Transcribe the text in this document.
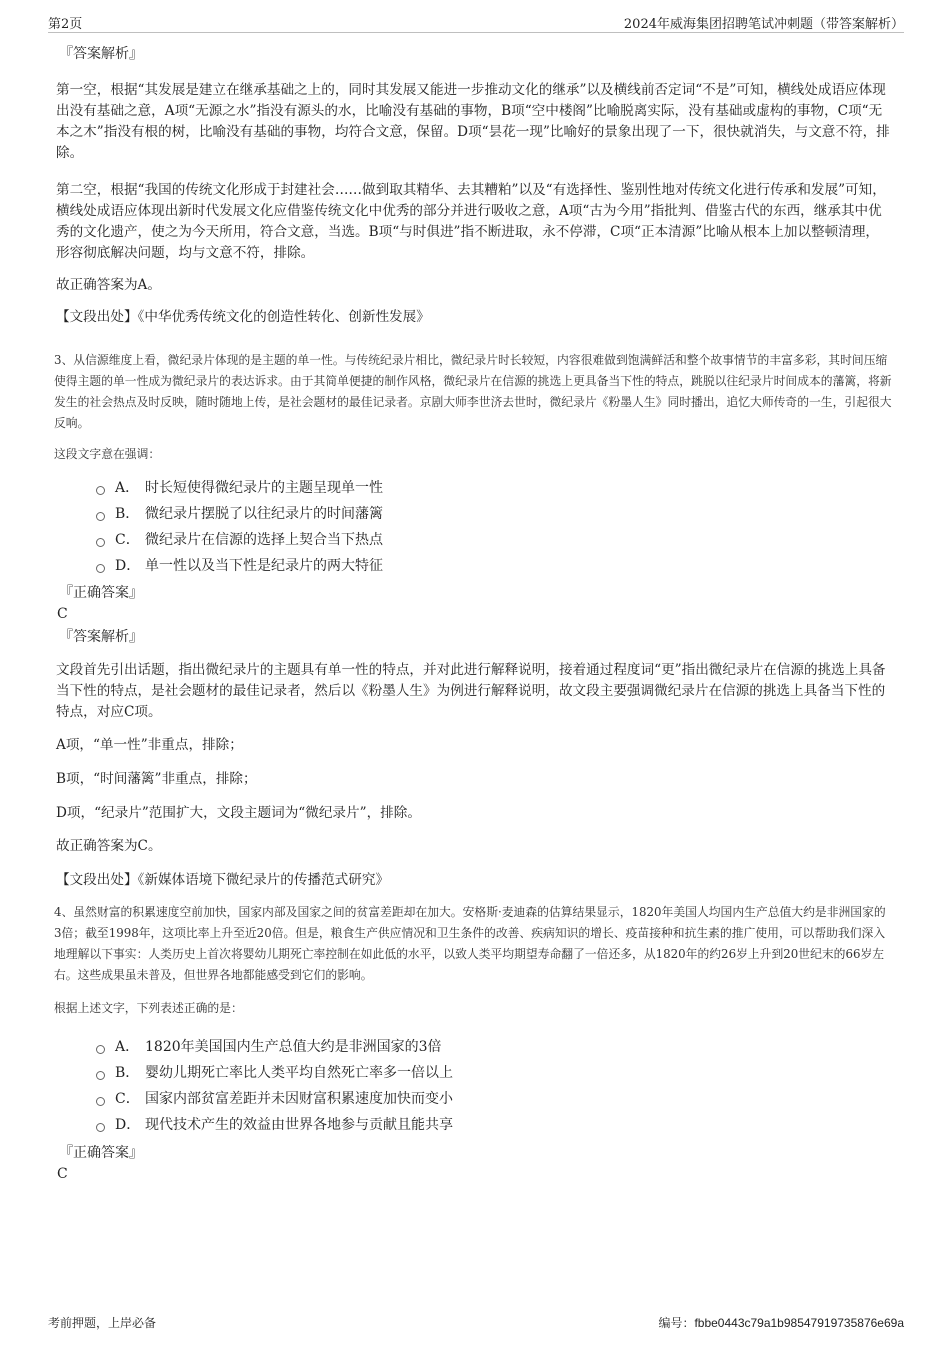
第2页	2024年威海集团招聘笔试冲刺题（带答案解析）
『答案解析』

第一空，根据“其发展是建立在继承基础之上的，同时其发展又能进一步推动文化的继承”以及横线前否定词“不是”可知，横线处成语应体现出没有基础之意，A项“无源之水”指没有源头的水，比喻没有基础的事物，B项“空中楼阁”比喻脱离实际，没有基础或虚构的事物，C项“无本之木”指没有根的树，比喻没有基础的事物，均符合文意，保留。D项“昙花一现”比喻好的景象出现了一下，很快就消失，与文意不符，排除。

第二空，根据“我国的传统文化形成于封建社会……做到取其精华、去其糟粕”以及“有选择性、鉴别性地对传统文化进行传承和发展”可知，横线处成语应体现出新时代发展文化应借鉴传统文化中优秀的部分并进行吸收之意，A项“古为今用”指批判、借鉴古代的东西，继承其中优秀的文化遗产，使之为今天所用，符合文意，当选。B项“与时俱进”指不断进取，永不停滞，C项“正本清源”比喻从根本上加以整顿清理，形容彻底解决问题，均与文意不符，排除。

故正确答案为A。

【文段出处】《中华优秀传统文化的创造性转化、创新性发展》

3、从信源维度上看，微纪录片体现的是主题的单一性。与传统纪录片相比，微纪录片时长较短，内容很难做到饱满鲜活和整个故事情节的丰富多彩，其时间压缩使得主题的单一性成为微纪录片的表达诉求。由于其简单便捷的制作风格，微纪录片在信源的挑选上更具备当下性的特点，跳脱以往纪录片时间成本的藩篱，将新发生的社会热点及时反映，随时随地上传，是社会题材的最佳记录者。京剧大师李世济去世时，微纪录片《粉墨人生》同时播出，追忆大师传奇的一生，引起很大反响。

这段文字意在强调：

A． 时长短使得微纪录片的主题呈现单一性
B． 微纪录片摆脱了以往纪录片的时间藩篱
C． 微纪录片在信源的选择上契合当下热点
D． 单一性以及当下性是纪录片的两大特征
『正确答案』

C

『答案解析』

文段首先引出话题，指出微纪录片的主题具有单一性的特点，并对此进行解释说明，接着通过程度词“更”指出微纪录片在信源的挑选上具备当下性的特点，是社会题材的最佳记录者，然后以《粉墨人生》为例进行解释说明，故文段主要强调微纪录片在信源的挑选上具备当下性的特点，对应C项。

A项，“单一性”非重点，排除；

B项，“时间藩篱”非重点，排除；

D项，“纪录片”范围扩大，文段主题词为“微纪录片”，排除。

故正确答案为C。

【文段出处】《新媒体语境下微纪录片的传播范式研究》

4、虽然财富的积累速度空前加快，国家内部及国家之间的贫富差距却在加大。安格斯·麦迪森的估算结果显示，1820年美国人均国内生产总值大约是非洲国家的3倍；截至1998年，这项比率上升至近20倍。但是，粮食生产供应情况和卫生条件的改善、疾病知识的增长、疫苗接种和抗生素的推广使用，可以帮助我们深入地理解以下事实：人类历史上首次将婴幼儿期死亡率控制在如此低的水平，以致人类平均期望寿命翻了一倍还多，从1820年的约26岁上升到20世纪末的66岁左右。这些成果虽未普及，但世界各地都能感受到它们的影响。

根据上述文字，下列表述正确的是：

A． 1820年美国国内生产总值大约是非洲国家的3倍
B． 婴幼儿期死亡率比人类平均自然死亡率多一倍以上
C． 国家内部贫富差距并未因财富积累速度加快而变小
D． 现代技术产生的效益由世界各地参与贡献且能共享
『正确答案』

C

考前押题，上岸必备	编号：fbbe0443c79a1b98547919735876e69a
